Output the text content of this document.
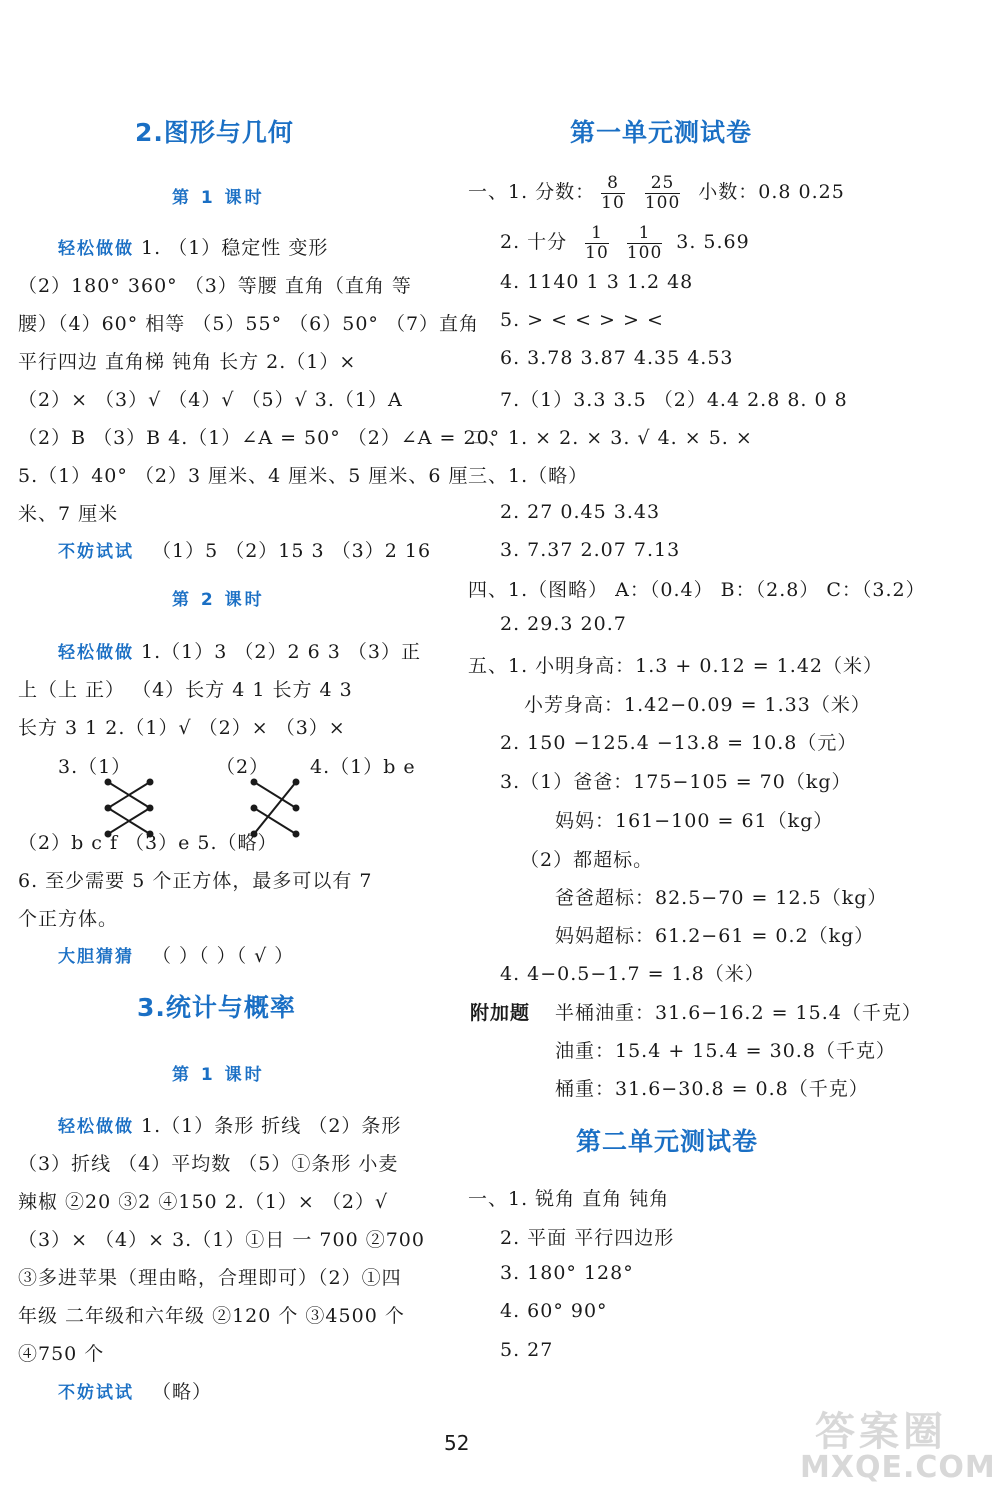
2.图形与几何
第 1 课时
轻松做做 1. （1）稳定性 变形
（2）180° 360° （3）等腰 直角（直角 等
腰）（4）60° 相等 （5）55° （6）50° （7）直角
平行四边 直角梯 钝角 长方 2.（1）×
（2）× （3）√ （4）√ （5）√ 3.（1）A
（2）B （3）B 4.（1）∠A = 50° （2）∠A = 20°
5.（1）40° （2）3 厘米、4 厘米、5 厘米、6 厘
米、7 厘米
不妨试试 （1）5 （2）15 3 （3）2 16
第 2 课时
轻松做做 1.（1）3 （2）2 6 3 （3）正
上（上 正） （4）长方 4 1 长方 4 3
长方 3 1 2.（1）√ （2）× （3）×
3.（1）	（2） 4.（1）b e
（2）b c f （3）e 5.（略）
6. 至少需要 5 个正方体，最多可以有 7
个正方体。
大胆猜猜 （ ）（ ）（ √ ）
3.统计与概率
第 1 课时
轻松做做 1.（1）条形 折线 （2）条形
（3）折线 （4）平均数 （5）①条形 小麦
辣椒 ②20 ③2 ④150 2.（1）× （2）√
（3）× （4）× 3.（1）①日 一 700 ②700
③多进苹果（理由略，合理即可）（2）①四
年级 二年级和六年级 ②120 个 ③4500 个
④750 个
不妨试试 （略）
第一单元测试卷
一、1. 分数： $\frac{8}{10} \frac{25}{100}$ 小数：0.8 0.25
2. 十分 $\frac{1}{10} \frac{1}{100} 3$. 5.69
4. 1140 1 3 1.2 48
5. > < < > > <
6. 3.78 3.87 4.35 4.53
7.（1）3.3 3.5 （2）4.4 2.8 8. 0 8
二、1. × 2. × 3. √ 4. × 5. ×
三、1.（略）
2. 27 0.45 3.43
3. 7.37 2.07 7.13
四、1.（图略） A：（0.4） B：（2.8） C：（3.2）
2. 29.3 20.7
五、1. 小明身高：1.3 + 0.12 = 1.42（米）
小芳身高：1.42−0.09 = 1.33（米）
2. 150 −125.4 −13.8 = 10.8（元）
3.（1）爸爸：175−105 = 70（kg）
妈妈：161−100 = 61（kg）
（2）都超标。
爸爸超标：82.5−70 = 12.5（kg）
妈妈超标：61.2−61 = 0.2（kg）
4. 4−0.5−1.7 = 1.8（米）
附加题 半桶油重：31.6−16.2 = 15.4（千克）
油重：15.4 + 15.4 = 30.8（千克）
桶重：31.6−30.8 = 0.8（千克）
第二单元测试卷
一、1. 锐角 直角 钝角
2. 平面 平行四边形
3. 180° 128°
4. 60° 90°
5. 27
52	答案圈
MXQE.COM
